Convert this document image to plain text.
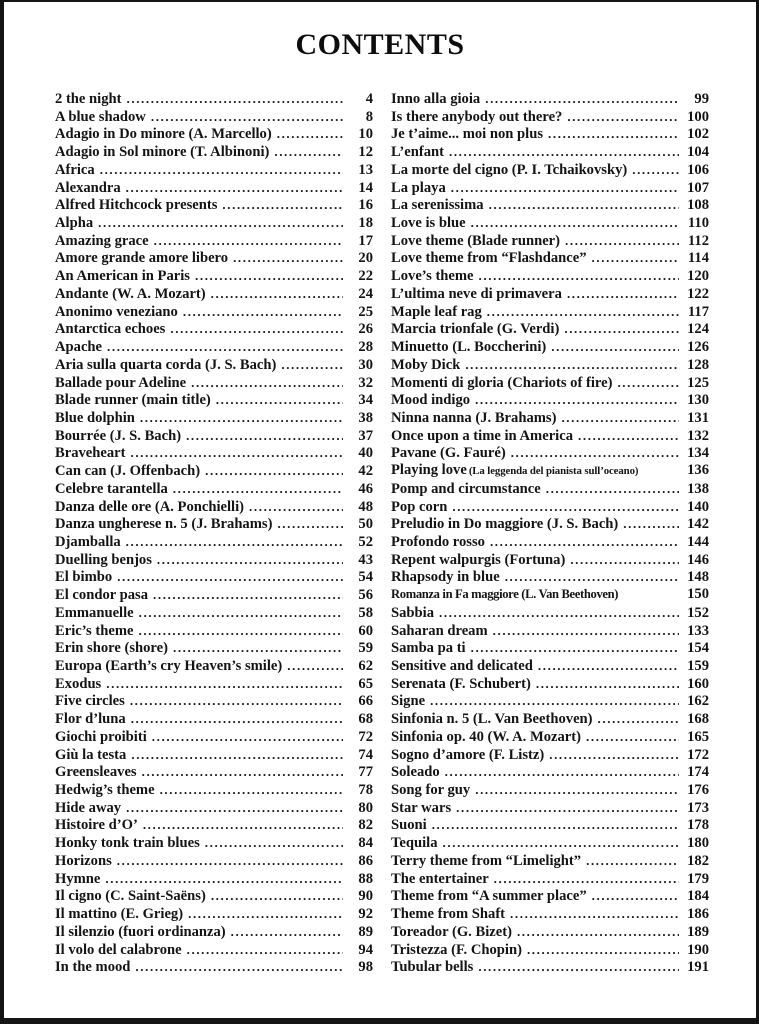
CONTENTS
2 the night .....	4
A blue shadow .....	8
Adagio in Do minore (A. Marcello) .....	10
Adagio in Sol minore (T. Albinoni) .....	12
Africa .....	13
Alexandra .....	14
Alfred Hitchcock presents .....	16
Alpha .....	18
Amazing grace .....	17
Amore grande amore libero .....	20
An American in Paris .....	22
Andante (W. A. Mozart) .....	24
Anonimo veneziano .....	25
Antarctica echoes .....	26
Apache .....	28
Aria sulla quarta corda (J. S. Bach) .....	30
Ballade pour Adeline .....	32
Blade runner (main title) .....	34
Blue dolphin .....	38
Bourrée (J. S. Bach) .....	37
Braveheart .....	40
Can can (J. Offenbach) .....	42
Celebre tarantella .....	46
Danza delle ore (A. Ponchielli) .....	48
Danza ungherese n. 5 (J. Brahams) .....	50
Djamballa .....	52
Duelling benjos .....	43
El bimbo .....	54
El condor pasa .....	56
Emmanuelle .....	58
Eric’s theme .....	60
Erin shore (shore) .....	59
Europa (Earth’s cry Heaven’s smile) .....	62
Exodus .....	65
Five circles .....	66
Flor d’luna .....	68
Giochi proibiti .....	72
Giù la testa .....	74
Greensleaves .....	77
Hedwig’s theme .....	78
Hide away .....	80
Histoire d’O’ .....	82
Honky tonk train blues .....	84
Horizons .....	86
Hymne .....	88
Il cigno (C. Saint-Saëns) .....	90
Il mattino (E. Grieg) .....	92
Il silenzio (fuori ordinanza) .....	89
Il volo del calabrone .....	94
In the mood .....	98
Inno alla gioia .....	99
Is there anybody out there? .....	100
Je t’aime... moi non plus .....	102
L’enfant .....	104
La morte del cigno (P. I. Tchaikovsky) .....	106
La playa .....	107
La serenissima .....	108
Love is blue .....	110
Love theme (Blade runner) .....	112
Love theme from “Flashdance” .....	114
Love’s theme .....	120
L’ultima neve di primavera .....	122
Maple leaf rag .....	117
Marcia trionfale (G. Verdi) .....	124
Minuetto (L. Boccherini) .....	126
Moby Dick .....	128
Momenti di gloria (Chariots of fire) .....	125
Mood indigo .....	130
Ninna nanna (J. Brahams) .....	131
Once upon a time in America .....	132
Pavane (G. Fauré) .....	134
Playing love (La leggenda del pianista sull’oceano)	136
Pomp and circumstance .....	138
Pop corn .....	140
Preludio in Do maggiore (J. S. Bach) .....	142
Profondo rosso .....	144
Repent walpurgis (Fortuna) .....	146
Rhapsody in blue .....	148
Romanza in Fa maggiore (L. Van Beethoven)	150
Sabbia .....	152
Saharan dream .....	133
Samba pa ti .....	154
Sensitive and delicated .....	159
Serenata (F. Schubert) .....	160
Signe .....	162
Sinfonia n. 5 (L. Van Beethoven) .....	168
Sinfonia op. 40 (W. A. Mozart) .....	165
Sogno d’amore (F. Listz) .....	172
Soleado .....	174
Song for guy .....	176
Star wars .....	173
Suoni .....	178
Tequila .....	180
Terry theme from “Limelight” .....	182
The entertainer .....	179
Theme from “A summer place” .....	184
Theme from Shaft .....	186
Toreador (G. Bizet) .....	189
Tristezza (F. Chopin) .....	190
Tubular bells .....	191
